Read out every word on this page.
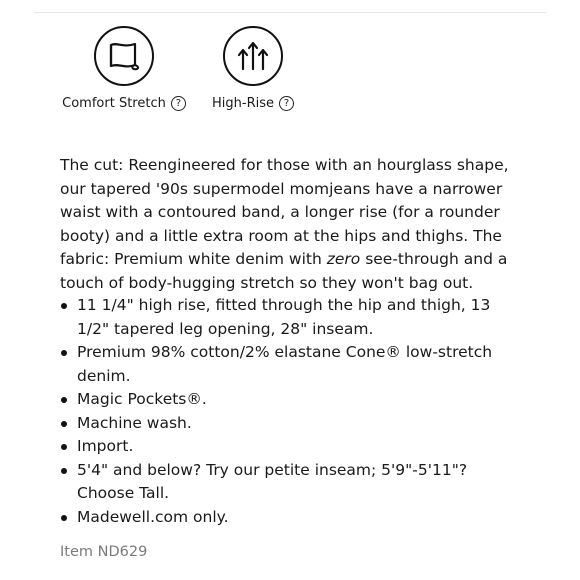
Comfort Stretch ?	High-Rise ?

The cut: Reengineered for those with an hourglass shape, our tapered '90s supermodel momjeans have a narrower waist with a contoured band, a longer rise (for a rounder booty) and a little extra room at the hips and thighs. The fabric: Premium white denim with zero see-through and a touch of body-hugging stretch so they won't bag out.

11 1/4" high rise, fitted through the hip and thigh, 13 1/2" tapered leg opening, 28" inseam.
Premium 98% cotton/2% elastane Cone® low-stretch denim.
Magic Pockets®.
Machine wash.
Import.
5'4" and below? Try our petite inseam; 5'9"-5'11"? Choose Tall.
Madewell.com only.
Item ND629
